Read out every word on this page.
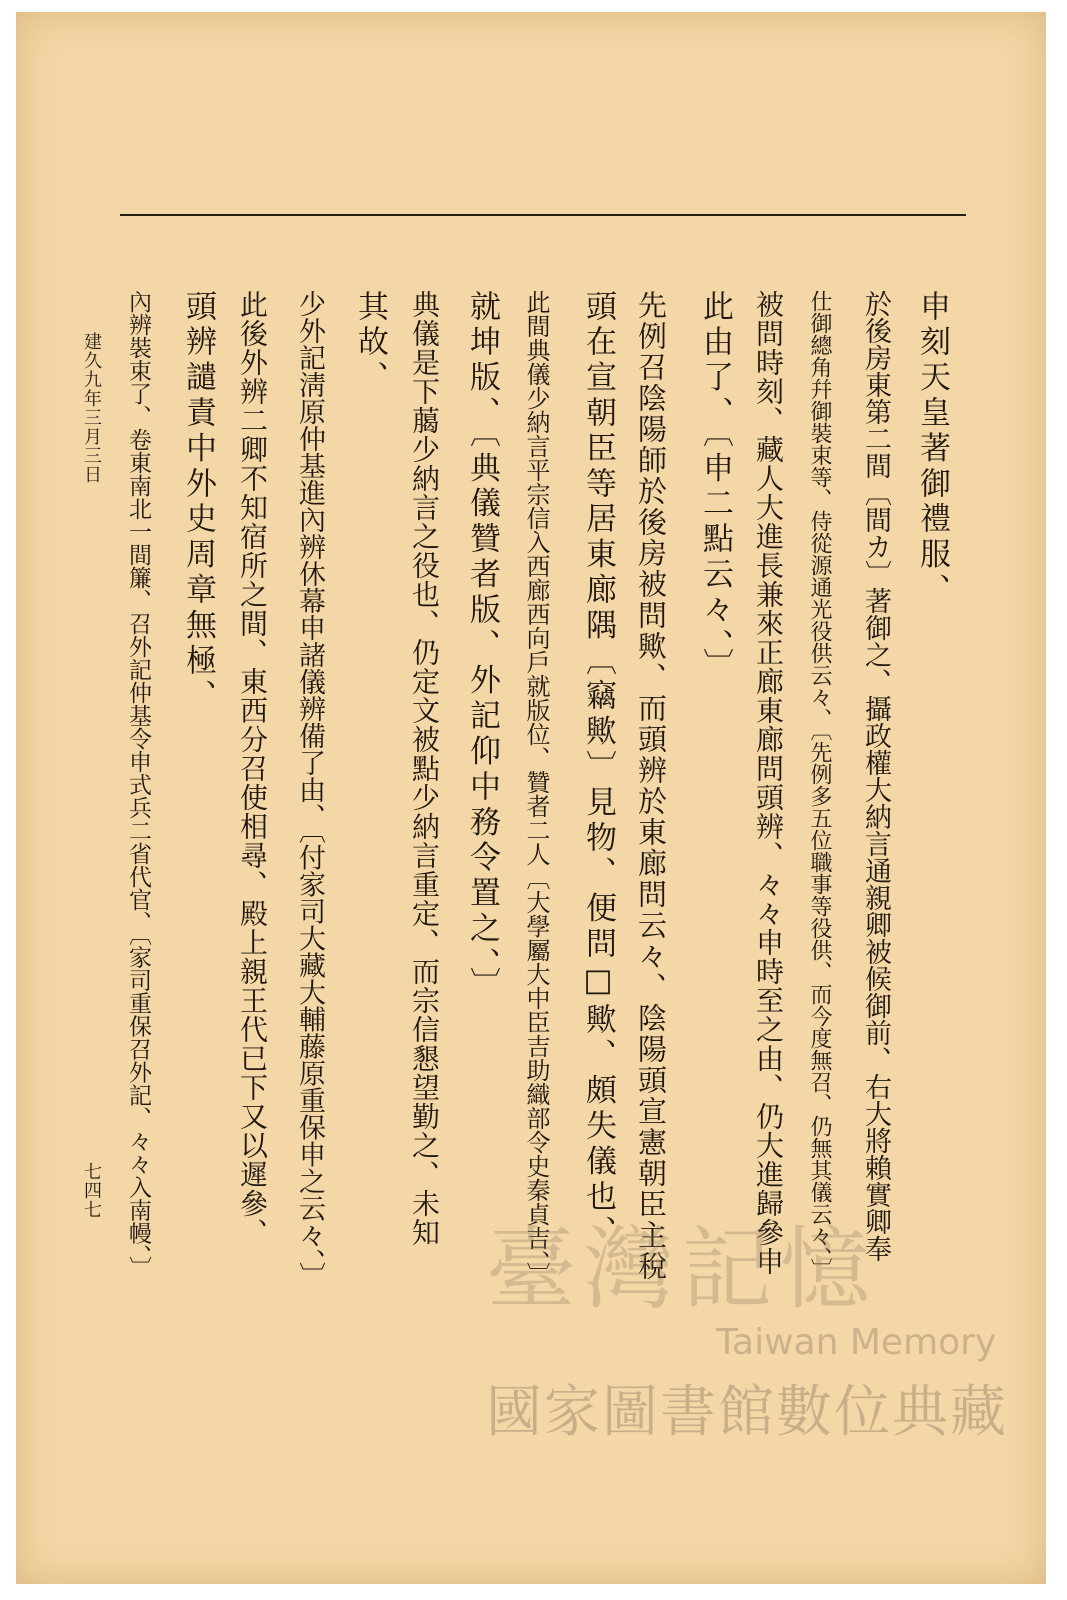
申刻天皇著御禮服、
於後房東第二間〔間カ〕著御之、攝政權大納言通親卿被候御前、右大將賴實卿奉
仕御總角幷御裝束等、侍從源通光役供云々、〔先例多五位職事等役供、而今度無召、仍無其儀云々、〕
被問時刻、藏人大進長兼來正廊東廊問頭辨、々々申時至之由、仍大進歸參申
此由了、〔申二點云々、〕
先例召陰陽師於後房被問歟、而頭辨於東廊問云々、陰陽頭宣憲朝臣主稅
頭在宣朝臣等居東廊隅〔竊歟〕見物、便問□歟、頗失儀也、
此間典儀少納言平宗信入西廊西向戶就版位、贊者二人〔大學屬大中臣吉助織部令史秦貞吉、〕
就坤版、〔典儀贊者版、外記仰中務令置之、〕
典儀是下﨟少納言之役也、仍定文被點少納言重定、而宗信懇望勤之、未知
其故、
少外記淸原仲基進內辨休幕申諸儀辨備了由、〔付家司大藏大輔藤原重保申之云々、〕
此後外辨二卿不知宿所之間、東西分召使相尋、殿上親王代已下又以遲參、
頭辨譴責中外史周章無極、
內辨裝束了、卷東南北一間簾、召外記仲基令申式兵二省代官、〔家司重保召外記、々々入南幔、〕
建久九年三月三日
七四七
臺灣記憶
Taiwan Memory
國家圖書館數位典藏
